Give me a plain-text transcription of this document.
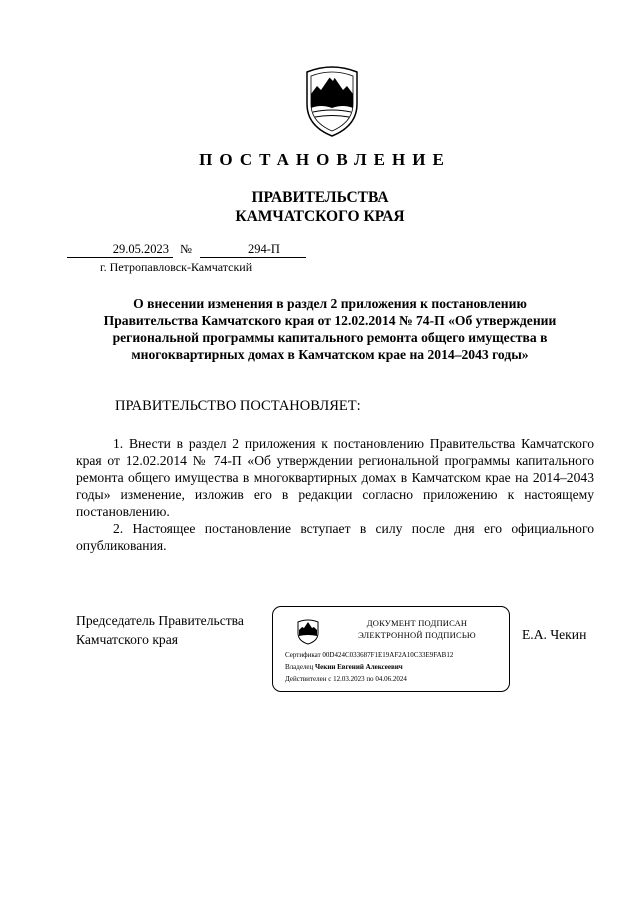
ПОСТАНОВЛЕНИЕ
ПРАВИТЕЛЬСТВА
КАМЧАТСКОГО КРАЯ
29.05.2023 №	294-П
г. Петропавловск-Камчатский
О внесении изменения в раздел 2 приложения к постановлению
Правительства Камчатского края от 12.02.2014 № 74-П «Об утверждении
региональной программы капитального ремонта общего имущества в
многоквартирных домах в Камчатском крае на 2014–2043 годы»
ПРАВИТЕЛЬСТВО ПОСТАНОВЛЯЕТ:

1. Внести в раздел 2 приложения к постановлению Правительства Камчатского края от 12.02.2014 № 74-П «Об утверждении региональной программы капитального ремонта общего имущества в многоквартирных домах в Камчатском крае на 2014–2043 годы» изменение, изложив его в редакции согласно приложению к настоящему постановлению.

2. Настоящее постановление вступает в силу после дня его официального опубликования.

Председатель Правительства
Камчатского края
ДОКУМЕНТ ПОДПИСАН
ЭЛЕКТРОННОЙ ПОДПИСЬЮ
Сертификат 00D424C033687F1E19AF2A10C33E9FAB12
Владелец Чекин Евгений Алексеевич
Действителен с 12.03.2023 по 04.06.2024
Е.А. Чекин
